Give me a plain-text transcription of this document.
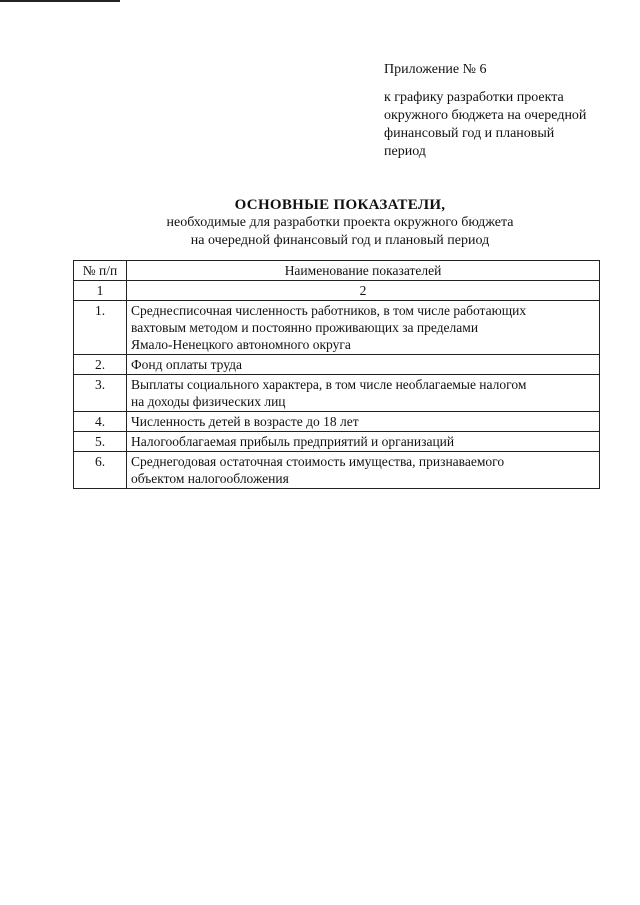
Приложение № 6
к графику разработки проекта
окружного бюджета на очередной
финансовый год и плановый
период
ОСНОВНЫЕ ПОКАЗАТЕЛИ,
необходимые для разработки проекта окружного бюджета
на очередной финансовый год и плановый период
№ п/п	Наименование показателей
1	2
1.	Среднесписочная численность работников, в том числе работающих
вахтовым методом и постоянно проживающих за пределами
Ямало-Ненецкого автономного округа

2.	Фонд оплаты труда

3.	Выплаты социального характера, в том числе необлагаемые налогом
на доходы физических лиц

4.	Численность детей в возрасте до 18 лет

5.	Налогооблагаемая прибыль предприятий и организаций

6.	Среднегодовая остаточная стоимость имущества, признаваемого
объектом налогообложения
